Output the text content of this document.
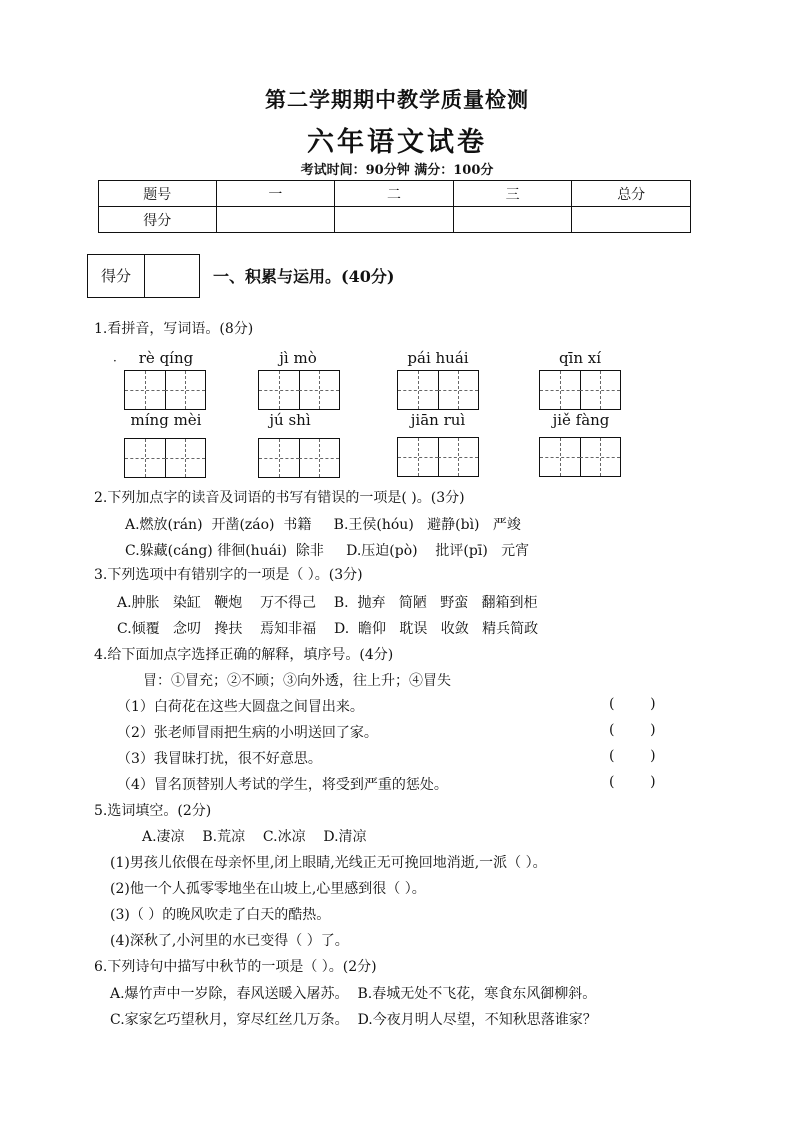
第二学期期中教学质量检测
六年语文试卷
考试时间：90分钟 满分：100分
题号	一	二	三	总分
得分				
得分	一、积累与运用。(40分)
1.看拼音，写词语。(8分)
·	rè qíng	jì mò	pái huái	qīn xí
míng mèi	jú shì	jiān ruì	jiě fàng
2.下列加点字的读音及词语的书写有错误的一项是( )。(3分)
A.燃放(rán)  开凿(záo)  书籍     B.王侯(hóu)   避静(bì)   严竣
C.躲藏(cáng) 徘徊(huái)  除非     D.压迫(pò)    批评(pī)   元宵
3.下列选项中有错别字的一项是（ ）。(3分)
A.肿胀   染缸   鞭炮    万不得己    B.  抛弃   简陋   野蛮   翻箱到柜
C.倾覆   念叨   搀扶    焉知非福    D.  瞻仰   耽误   收敛   精兵简政
4.给下面加点字选择正确的解释，填序号。(4分)
冒：①冒充；②不顾；③向外透，往上升；④冒失
（1）白荷花在这些大圆盘之间冒出来。	(        )
（2）张老师冒雨把生病的小明送回了家。	(        )
（3）我冒昧打扰，很不好意思。	(        )
（4）冒名顶替别人考试的学生，将受到严重的惩处。	(        )
5.选词填空。(2分)
A.凄凉    B.荒凉    C.冰凉    D.清凉
(1)男孩儿依偎在母亲怀里,闭上眼睛,光线正无可挽回地消逝,一派（ ）。
(2)他一个人孤零零地坐在山坡上,心里感到很（ ）。
(3)（ ）的晚风吹走了白天的酷热。
(4)深秋了,小河里的水已变得（ ）了。
6.下列诗句中描写中秋节的一项是（ ）。(2分)
A.爆竹声中一岁除，春风送暖入屠苏。  B.春城无处不飞花，寒食东风御柳斜。
C.家家乞巧望秋月，穿尽红丝几万条。  D.今夜月明人尽望，不知秋思落谁家？
